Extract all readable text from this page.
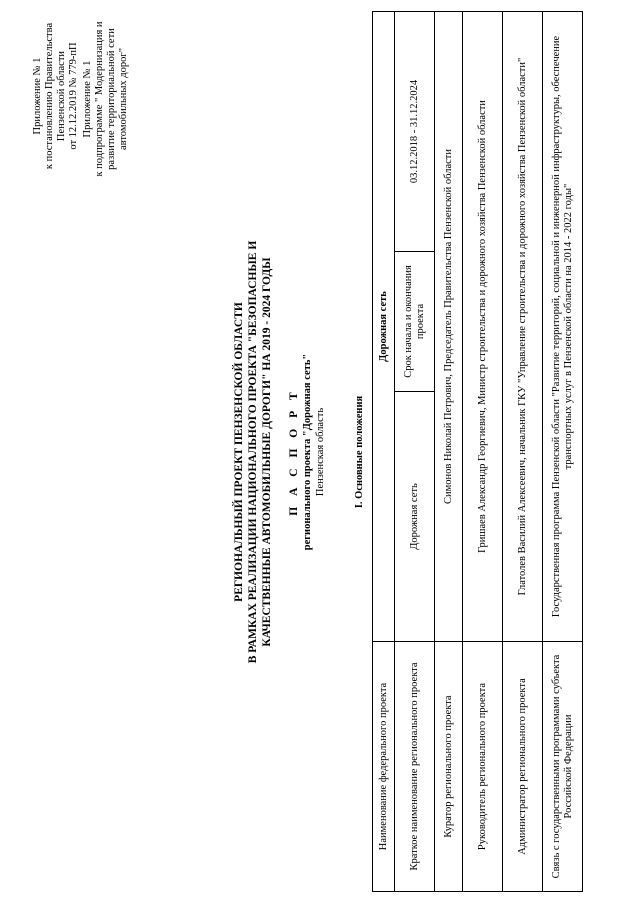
Приложение № 1 к постановлению Правительства Пензенской области от 12.12.2019 № 779-пП Приложение № 1 к подпрограмме " Модернизация и развитие территориальной сети автомобильных дорог"
РЕГИОНАЛЬНЫЙ ПРОЕКТ ПЕНЗЕНСКОЙ ОБЛАСТИ В РАМКАХ РЕАЛИЗАЦИИ НАЦИОНАЛЬНОГО ПРОЕКТА "БЕЗОПАСНЫЕ И КАЧЕСТВЕННЫЕ АВТОМОБИЛЬНЫЕ ДОРОГИ" НА 2019 - 2024 ГОДЫ П А С П О Р Т регионального проекта "Дорожная сеть" Пензенская область	I. Основные положения
Наименование федерального проекта	Дорожная сеть		
Краткое наименование регионального проекта	Дорожная сеть	Срок начала и окончания проекта	03.12.2018 - 31.12.2024
Куратор регионального проекта	Симонов Николай Петрович, Председатель Правительства Пензенской области		
Руководитель регионального проекта	Гришаев Александр Георгиевич, Министр строительства и дорожного хозяйства Пензенской области		
Администратор регионального проекта	Глатолев Василий Алексеевич, начальник ГКУ "Управление строительства и дорожного хозяйства Пензенской области"		
Связь с государственными программами субъекта Российской Федерации	Государственная программа Пензенской области "Развитие территорий, социальной и инженерной инфраструктуры, обеспечение транспортных услуг в Пензенской области на 2014 - 2022 годы"		
